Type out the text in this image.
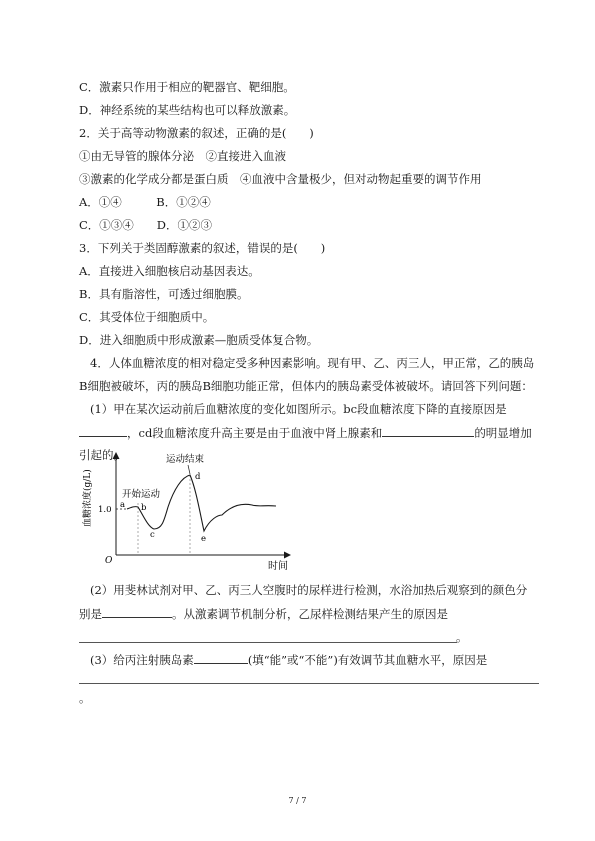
C．激素只作用于相应的靶器官、靶细胞。
D．神经系统的某些结构也可以释放激素。
2．关于高等动物激素的叙述，正确的是(　　)
①由无导管的腺体分泌　②直接进入血液
③激素的化学成分都是蛋白质　④血液中含量极少，但对动物起重要的调节作用
A．①④　　　B．①②④
C．①③④　　D．①②③
3．下列关于类固醇激素的叙述，错误的是(　　)
A．直接进入细胞核启动基因表达。
B．具有脂溶性，可透过细胞膜。
C．其受体位于细胞质中。
D．进入细胞质中形成激素—胞质受体复合物。
4．人体血糖浓度的相对稳定受多种因素影响。现有甲、乙、丙三人，甲正常，乙的胰岛
B细胞被破坏，丙的胰岛B细胞功能正常，但体内的胰岛素受体被破坏。请回答下列问题：
(1）甲在某次运动前后血糖浓度的变化如图所示。bc段血糖浓度下降的直接原因是
，cd段血糖浓度升高主要是由于血液中肾上腺素和	的明显增加
引起的。
血糖浓度(g/L)
时间
O
1.0
开始运动
运动结束
a b
c
d
e
(2）用斐林试剂对甲、乙、丙三人空腹时的尿样进行检测，水浴加热后观察到的颜色分
别是	。从激素调节机制分析，乙尿样检测结果产生的原因是
。
(3）给丙注射胰岛素	(填“能”或“不能”)有效调节其血糖水平，原因是
。
7 / 7
